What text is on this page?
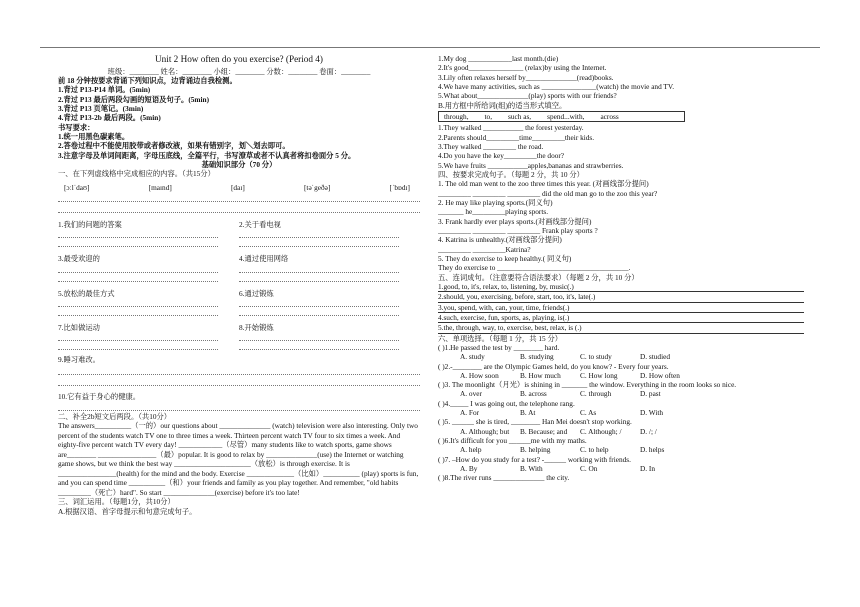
Unit 2 How often do you exercise? (Period 4)
班级：________ 姓名：________ 小组：________ 分数：________ 卷面：________
前 18 分钟按要求背诵下列知识点，边背诵边自我检测。
1.背过 P13-P14 单词。(5min)
2.背过 P13 最后两段勾画的短语及句子。(5min)
3.背过 P13 页笔记。(3min)
4.背过 P13-2b 最后两段。(5min)
书写要求：
1.统一用黑色碳素笔。
2.答卷过程中不能使用胶带或者修改液，如果有错别字，划＼划去即可。
3.注意字母及单词间距离，字母压底线，全篇平行，书写潦草或者不认真者将扣卷面分 5 分。
基础知识部分（70 分）
一、在下列虚线格中完成相应的内容。（共15分）
[ɔːlˈdaʊ]	[maɪnd]	[daɪ]	[təˈgeðə]	[ˈbɒdɪ]
1.我们的问题的答案	2.关于看电视
3.最受欢迎的	4.通过使用网络
5.放松的最佳方式	6.通过锻炼
7.比如做运动	8.开始锻炼
9.睡习难改。
10.它有益于身心的健康。
二、补全2b短文后两段。（共10分）
The answers__________（一的）our questions about ______________ (watch) television were also interesting. Only two percent of the students watch TV one to three times a week. Thirteen percent watch TV four to six times a week. And eighty-five percent watch TV every day! ____________（尽管）many students like to watch sports, game shows are________ ________________（最）popular. It is good to relax by ______________(use) the Internet or watching game shows, but we think the best way _____________________（放松）is through exercise. It is ________________(health) for the mind and the body. Exercise _____________（比如）__________ (play) sports is fun, and you can spend time __________（和）your friends and family as you play together. And remember, "old habits _________（死亡）hard". So start ______________(exercise) before it's too late!
三、词汇运用。（每题1分，共10分）
A.根据汉语、首字母提示和句意完成句子。
1.My dog ____________last month.(die)
2.It's good_______________ (relax)by using the Internet.
3.Lily often relaxes herself by______________(read)books.
4.We have many activities, such as _______________(watch) the movie and TV.
5.What about______________(play) sports with our friends?
B.用方框中所给词(组)的适当形式填空。
through, to, such as, spend...with, across
1.They walked ___________ the forest yesterday.
2.Parents should_________time_________their kids.
3.They walked _________ the road.
4.Do you have the key_________the door?
5.We have fruits ___________apples,bananas and strawberries.
四、按要求完成句子。（每题 2 分，共 10 分）
1. The old man went to the zoo three times this year. (对画线部分提问)
_________ _________ _________ did the old man go to the zoo this year?
2. He may like playing sports.(同义句)
_______ he_________playing sports.
3. Frank hardly ever plays sports.(对画线部分提问)
_________ _________ _________ Frank play sports ?
4. Katrina is unhealthy.(对画线部分提问)
_________ _________Katrina?
5. They do exercise to keep healthy.( 同义句)
They do exercise to ____________________________________.
五、连词成句。（注意要符合语法要求）（每题 2 分，共 10 分）
1.good, to, it's, relax, to, listening, by, music(.)
2.should, you, exercising, before, start, too, it's, late(.)
3.you, spend, with, can, your, time, friends(.)
4.such, exercise, fun, sports, as, playing, is(.)
5.the, through, way, to, exercise, best, relax, is (.)
六、单项选择。（每题 1 分，共 15 分）
( )1.He passed the test by ________ hard.
A. study	B. studying	C. to study	D. studied
( )2.-________ are the Olympic Games held, do you know? - Every four years.
A. How soon	B. How much	C. How long	D. How often
( )3. The moonlight（月光）is shining in _______ the window. Everything in the room looks so nice.
A. over	B. across	C. through	D. past
( )4._____ I was going out, the telephone rang.
A. For	B. At	C. As	D. With
( )5. ______ she is tired, ________ Han Mei doesn't stop working.
A. Although; but	B. Because; and	C. Although; /	D. /; /
( )6.It's difficult for you ______me with my maths.
A. help	B. helping	C. to help	D. helps
( )7. –How do you study for a test? -______ working with friends.
A. By	B. With	C. On	D. In
( )8.The river runs ______________ the city.
